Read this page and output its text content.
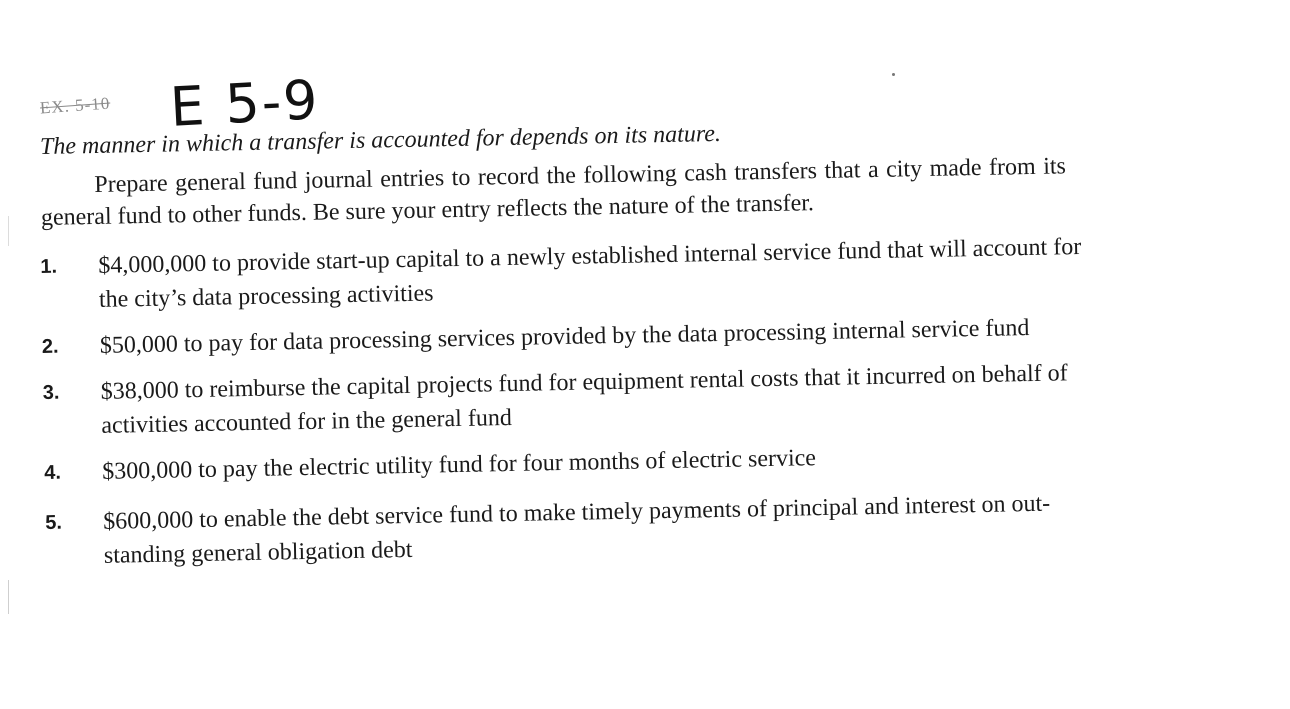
EX. 5-10 E 5-9
The manner in which a transfer is accounted for depends on its nature.
Prepare general fund journal entries to record the following cash transfers that a city made from its
general fund to other funds. Be sure your entry reflects the nature of the transfer.
1.	$4,000,000 to provide start-up capital to a newly established internal service fund that will account for
the city’s data processing activities
2.	$50,000 to pay for data processing services provided by the data processing internal service fund
3.	$38,000 to reimburse the capital projects fund for equipment rental costs that it incurred on behalf of
activities accounted for in the general fund
4.	$300,000 to pay the electric utility fund for four months of electric service
5.	$600,000 to enable the debt service fund to make timely payments of principal and interest on out-
standing general obligation debt
